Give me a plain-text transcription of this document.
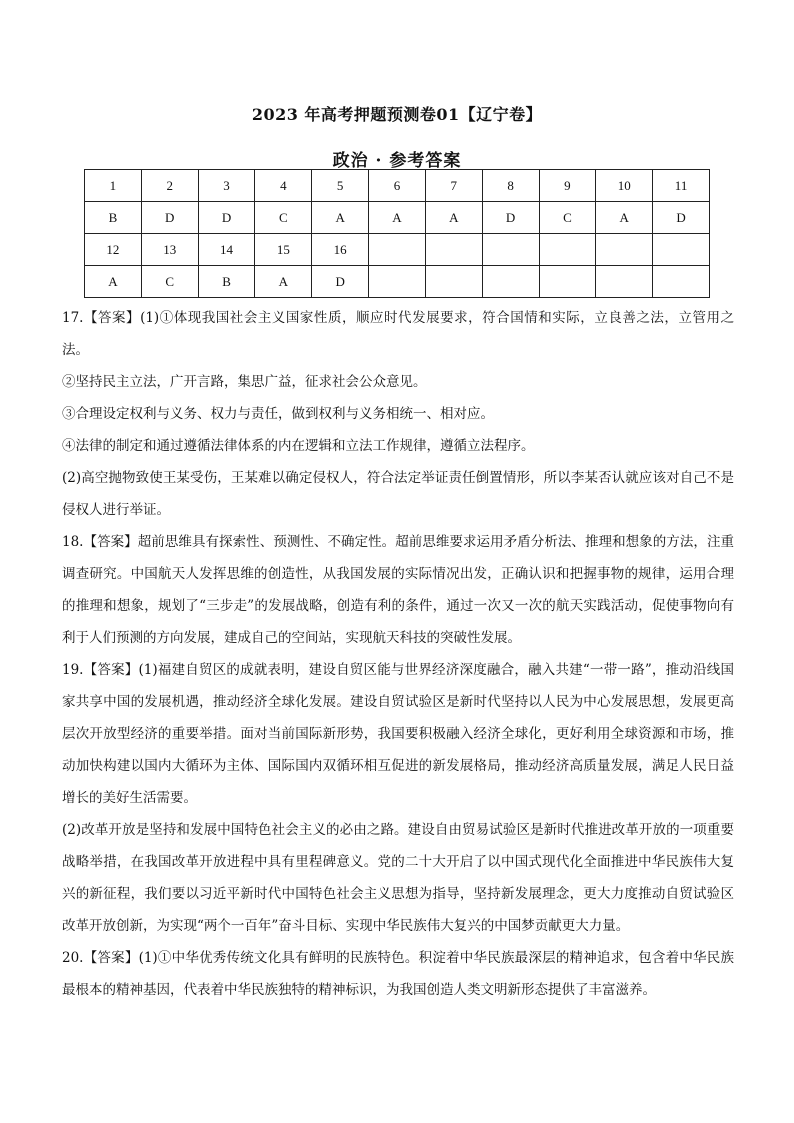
2023 年高考押题预测卷01【辽宁卷】
政治 · 参考答案
1	2	3	4	5	6	7	8	9	10	11
B	D	D	C	A	A	A	D	C	A	D
12	13	14	15	16						
A	C	B	A	D						

17.【答案】(1)①体现我国社会主义国家性质，顺应时代发展要求，符合国情和实际，立良善之法，立管用之法。

②坚持民主立法，广开言路，集思广益，征求社会公众意见。

③合理设定权利与义务、权力与责任，做到权利与义务相统一、相对应。

④法律的制定和通过遵循法律体系的内在逻辑和立法工作规律，遵循立法程序。

(2)高空抛物致使王某受伤，王某难以确定侵权人，符合法定举证责任倒置情形，所以李某否认就应该对自己不是侵权人进行举证。

18.【答案】超前思维具有探索性、预测性、不确定性。超前思维要求运用矛盾分析法、推理和想象的方法，注重调查研究。中国航天人发挥思维的创造性，从我国发展的实际情况出发，正确认识和把握事物的规律，运用合理的推理和想象，规划了“三步走”的发展战略，创造有利的条件，通过一次又一次的航天实践活动，促使事物向有利于人们预测的方向发展，建成自己的空间站，实现航天科技的突破性发展。

19.【答案】(1)福建自贸区的成就表明，建设自贸区能与世界经济深度融合，融入共建“一带一路”，推动沿线国家共享中国的发展机遇，推动经济全球化发展。建设自贸试验区是新时代坚持以人民为中心发展思想，发展更高层次开放型经济的重要举措。面对当前国际新形势，我国要积极融入经济全球化，更好利用全球资源和市场，推动加快构建以国内大循环为主体、国际国内双循环相互促进的新发展格局，推动经济高质量发展，满足人民日益增长的美好生活需要。

(2)改革开放是坚持和发展中国特色社会主义的必由之路。建设自由贸易试验区是新时代推进改革开放的一项重要战略举措，在我国改革开放进程中具有里程碑意义。党的二十大开启了以中国式现代化全面推进中华民族伟大复兴的新征程，我们要以习近平新时代中国特色社会主义思想为指导，坚持新发展理念，更大力度推动自贸试验区改革开放创新，为实现“两个一百年”奋斗目标、实现中华民族伟大复兴的中国梦贡献更大力量。

20.【答案】(1)①中华优秀传统文化具有鲜明的民族特色。积淀着中华民族最深层的精神追求，包含着中华民族最根本的精神基因，代表着中华民族独特的精神标识，为我国创造人类文明新形态提供了丰富滋养。
